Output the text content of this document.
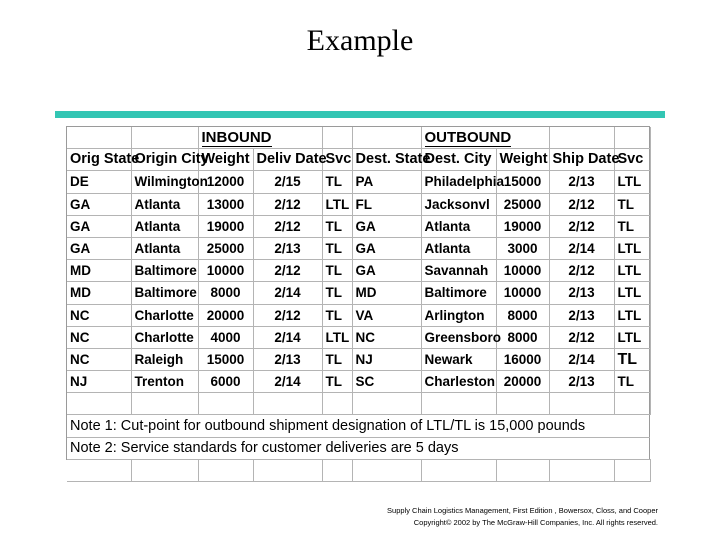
Example
		INBOUND				OUTBOUND			
Orig State	Origin City	Weight	Deliv Date	Svc	Dest. State	Dest. City	Weight	Ship Date	Svc
DE	Wilmington	12000	2/15	TL	PA	Philadelphia	15000	2/13	LTL
GA	Atlanta	13000	2/12	LTL	FL	Jacksonvl	25000	2/12	TL
GA	Atlanta	19000	2/12	TL	GA	Atlanta	19000	2/12	TL
GA	Atlanta	25000	2/13	TL	GA	Atlanta	3000	2/14	LTL
MD	Baltimore	10000	2/12	TL	GA	Savannah	10000	2/12	LTL
MD	Baltimore	8000	2/14	TL	MD	Baltimore	10000	2/13	LTL
NC	Charlotte	20000	2/12	TL	VA	Arlington	8000	2/13	LTL
NC	Charlotte	4000	2/14	LTL	NC	Greensboro	8000	2/12	LTL
NC	Raleigh	15000	2/13	TL	NJ	Newark	16000	2/14	TL
NJ	Trenton	6000	2/14	TL	SC	Charleston	20000	2/13	TL

Note 1: Cut-point for outbound shipment designation of LTL/TL is 15,000 pounds									
Note 2: Service standards for customer deliveries are 5 days									

Supply Chain Logistics Management, First Edition , Bowersox, Closs, and Cooper
Copyright© 2002 by The McGraw-Hill Companies, Inc. All rights reserved.
